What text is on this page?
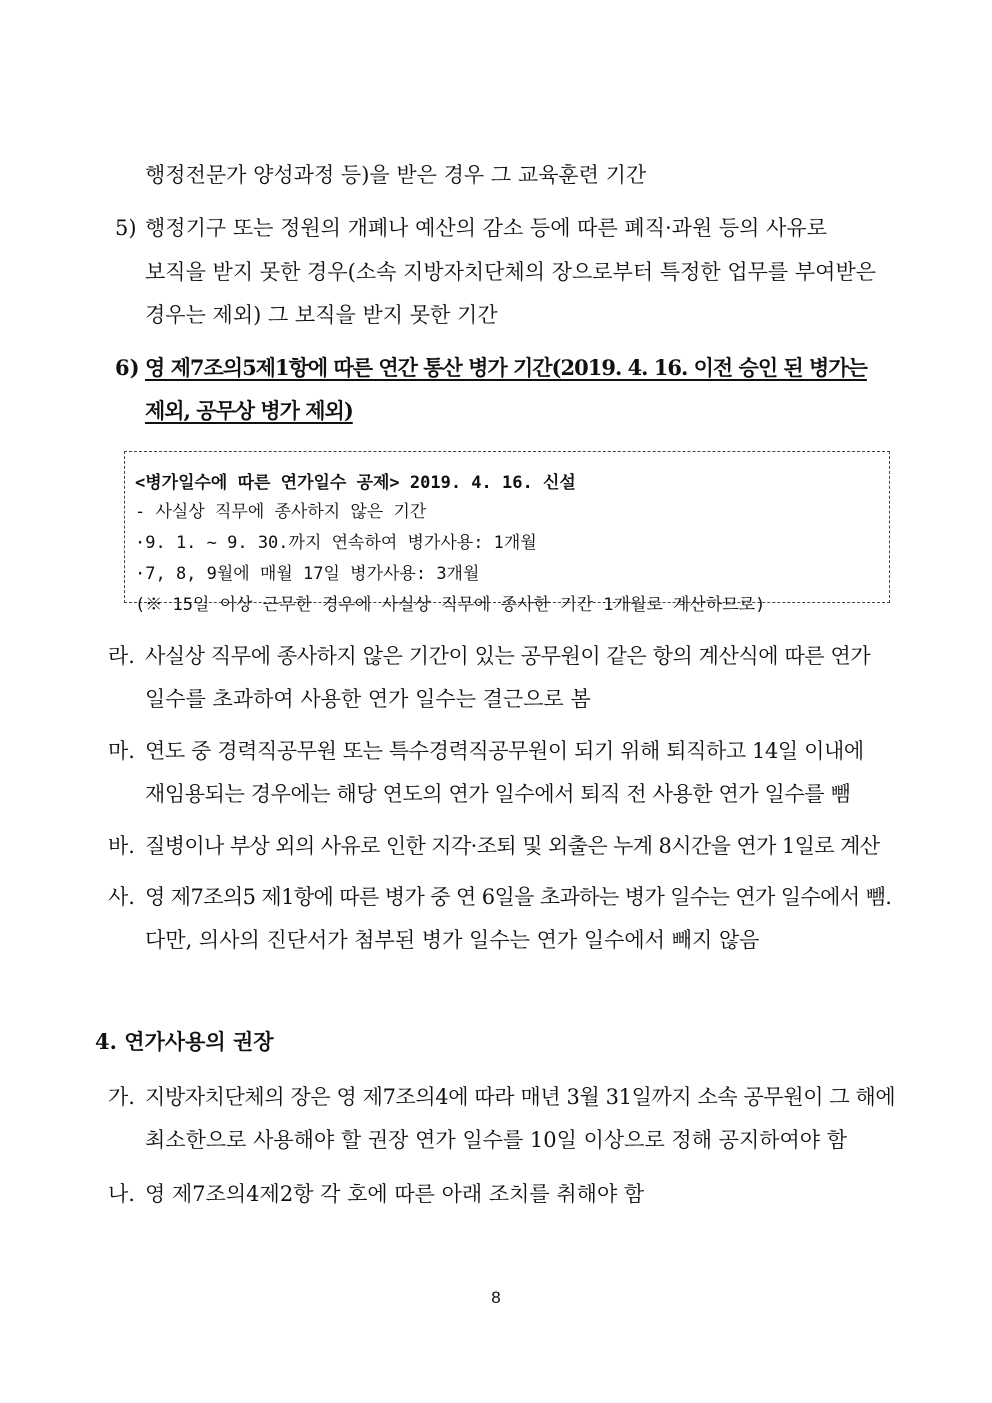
행정전문가 양성과정 등)을 받은 경우 그 교육훈련 기간

5) 행정기구 또는 정원의 개폐나 예산의 감소 등에 따른 폐직·과원 등의 사유로

보직을 받지 못한 경우(소속 지방자치단체의 장으로부터 특정한 업무를 부여받은

경우는 제외) 그 보직을 받지 못한 기간

6) 영 제7조의5제1항에 따른 연간 통산 병가 기간(2019. 4. 16. 이전 승인 된 병가는

제외, 공무상 병가 제외)

<병가일수에 따른 연가일수 공제> 2019. 4. 16. 신설

- 사실상 직무에 종사하지 않은 기간

·9. 1. ~ 9. 30.까지 연속하여 병가사용: 1개월

·7, 8, 9월에 매월 17일 병가사용: 3개월

(※ 15일 이상 근무한 경우에 사실상 직무에 종사한 기간 1개월로 계산하므로)

라. 사실상 직무에 종사하지 않은 기간이 있는 공무원이 같은 항의 계산식에 따른 연가

일수를 초과하여 사용한 연가 일수는 결근으로 봄

마. 연도 중 경력직공무원 또는 특수경력직공무원이 되기 위해 퇴직하고 14일 이내에

재임용되는 경우에는 해당 연도의 연가 일수에서 퇴직 전 사용한 연가 일수를 뺌

바. 질병이나 부상 외의 사유로 인한 지각·조퇴 및 외출은 누계 8시간을 연가 1일로 계산

사. 영 제7조의5 제1항에 따른 병가 중 연 6일을 초과하는 병가 일수는 연가 일수에서 뺌.

다만, 의사의 진단서가 첨부된 병가 일수는 연가 일수에서 빼지 않음

4. 연가사용의 권장

가. 지방자치단체의 장은 영 제7조의4에 따라 매년 3월 31일까지 소속 공무원이 그 해에

최소한으로 사용해야 할 권장 연가 일수를 10일 이상으로 정해 공지하여야 함

나. 영 제7조의4제2항 각 호에 따른 아래 조치를 취해야 함

8
